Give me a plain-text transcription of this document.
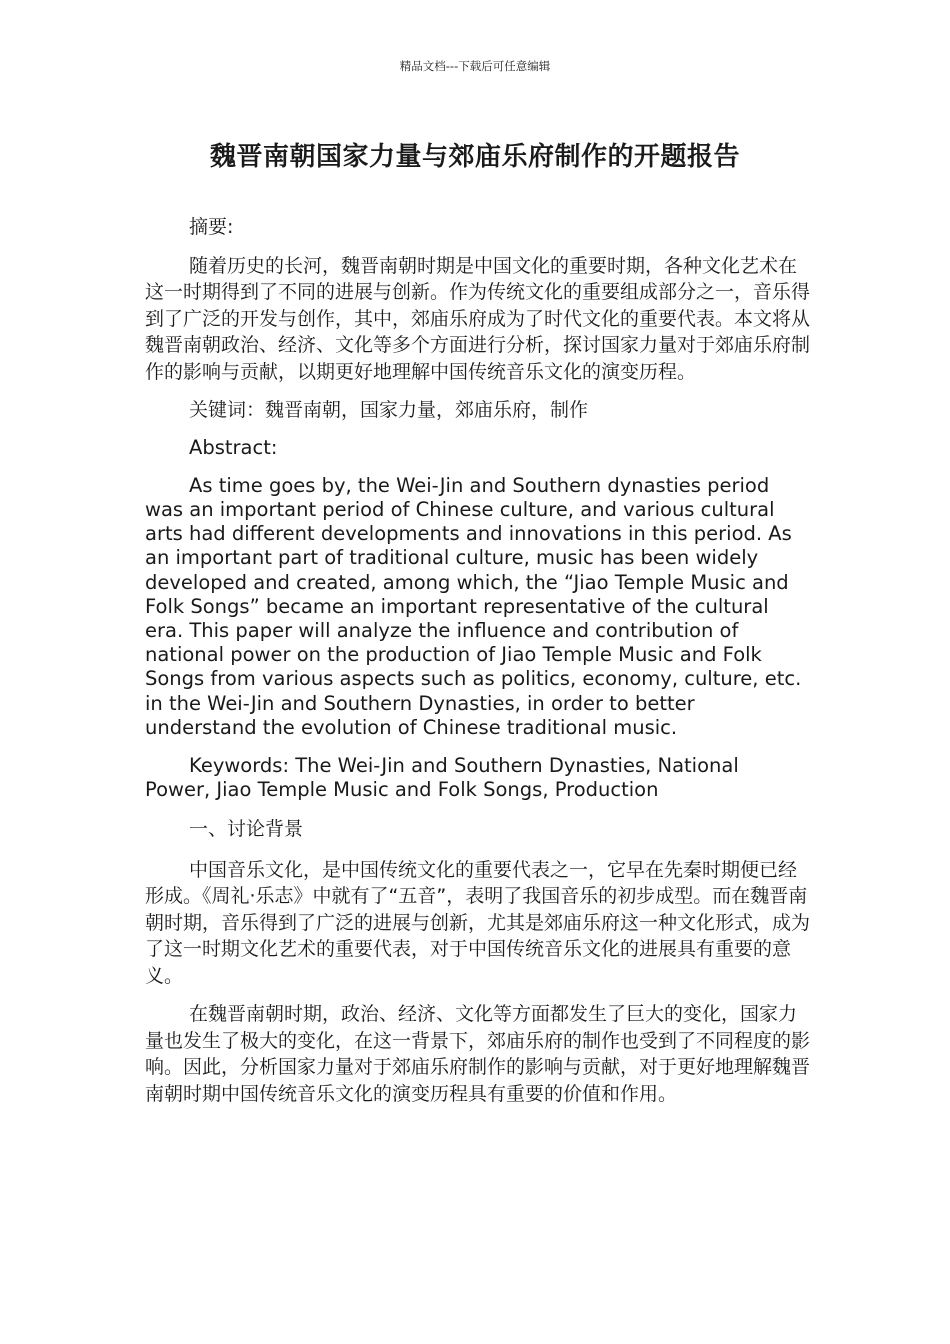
精品文档---下载后可任意编辑
魏晋南朝国家力量与郊庙乐府制作的开题报告

摘要:

随着历史的长河，魏晋南朝时期是中国文化的重要时期，各种文化艺术在这一时期得到了不同的进展与创新。作为传统文化的重要组成部分之一，音乐得到了广泛的开发与创作，其中，郊庙乐府成为了时代文化的重要代表。本文将从魏晋南朝政治、经济、文化等多个方面进行分析，探讨国家力量对于郊庙乐府制作的影响与贡献，以期更好地理解中国传统音乐文化的演变历程。

关键词：魏晋南朝，国家力量，郊庙乐府，制作

Abstract:

As time goes by, the Wei-Jin and Southern dynasties period was an important period of Chinese culture, and various cultural arts had different developments and innovations in this period. As an important part of traditional culture, music has been widely developed and created, among which, the “Jiao Temple Music and Folk Songs” became an important representative of the cultural era. This paper will analyze the influence and contribution of national power on the production of Jiao Temple Music and Folk Songs from various aspects such as politics, economy, culture, etc. in the Wei-Jin and Southern Dynasties, in order to better understand the evolution of Chinese traditional music.

Keywords: The Wei-Jin and Southern Dynasties, National Power, Jiao Temple Music and Folk Songs, Production

一、讨论背景

中国音乐文化，是中国传统文化的重要代表之一，它早在先秦时期便已经形成。《周礼·乐志》中就有了“五音”，表明了我国音乐的初步成型。而在魏晋南朝时期，音乐得到了广泛的进展与创新，尤其是郊庙乐府这一种文化形式，成为了这一时期文化艺术的重要代表，对于中国传统音乐文化的进展具有重要的意义。

在魏晋南朝时期，政治、经济、文化等方面都发生了巨大的变化，国家力量也发生了极大的变化，在这一背景下，郊庙乐府的制作也受到了不同程度的影响。因此，分析国家力量对于郊庙乐府制作的影响与贡献，对于更好地理解魏晋南朝时期中国传统音乐文化的演变历程具有重要的价值和作用。
